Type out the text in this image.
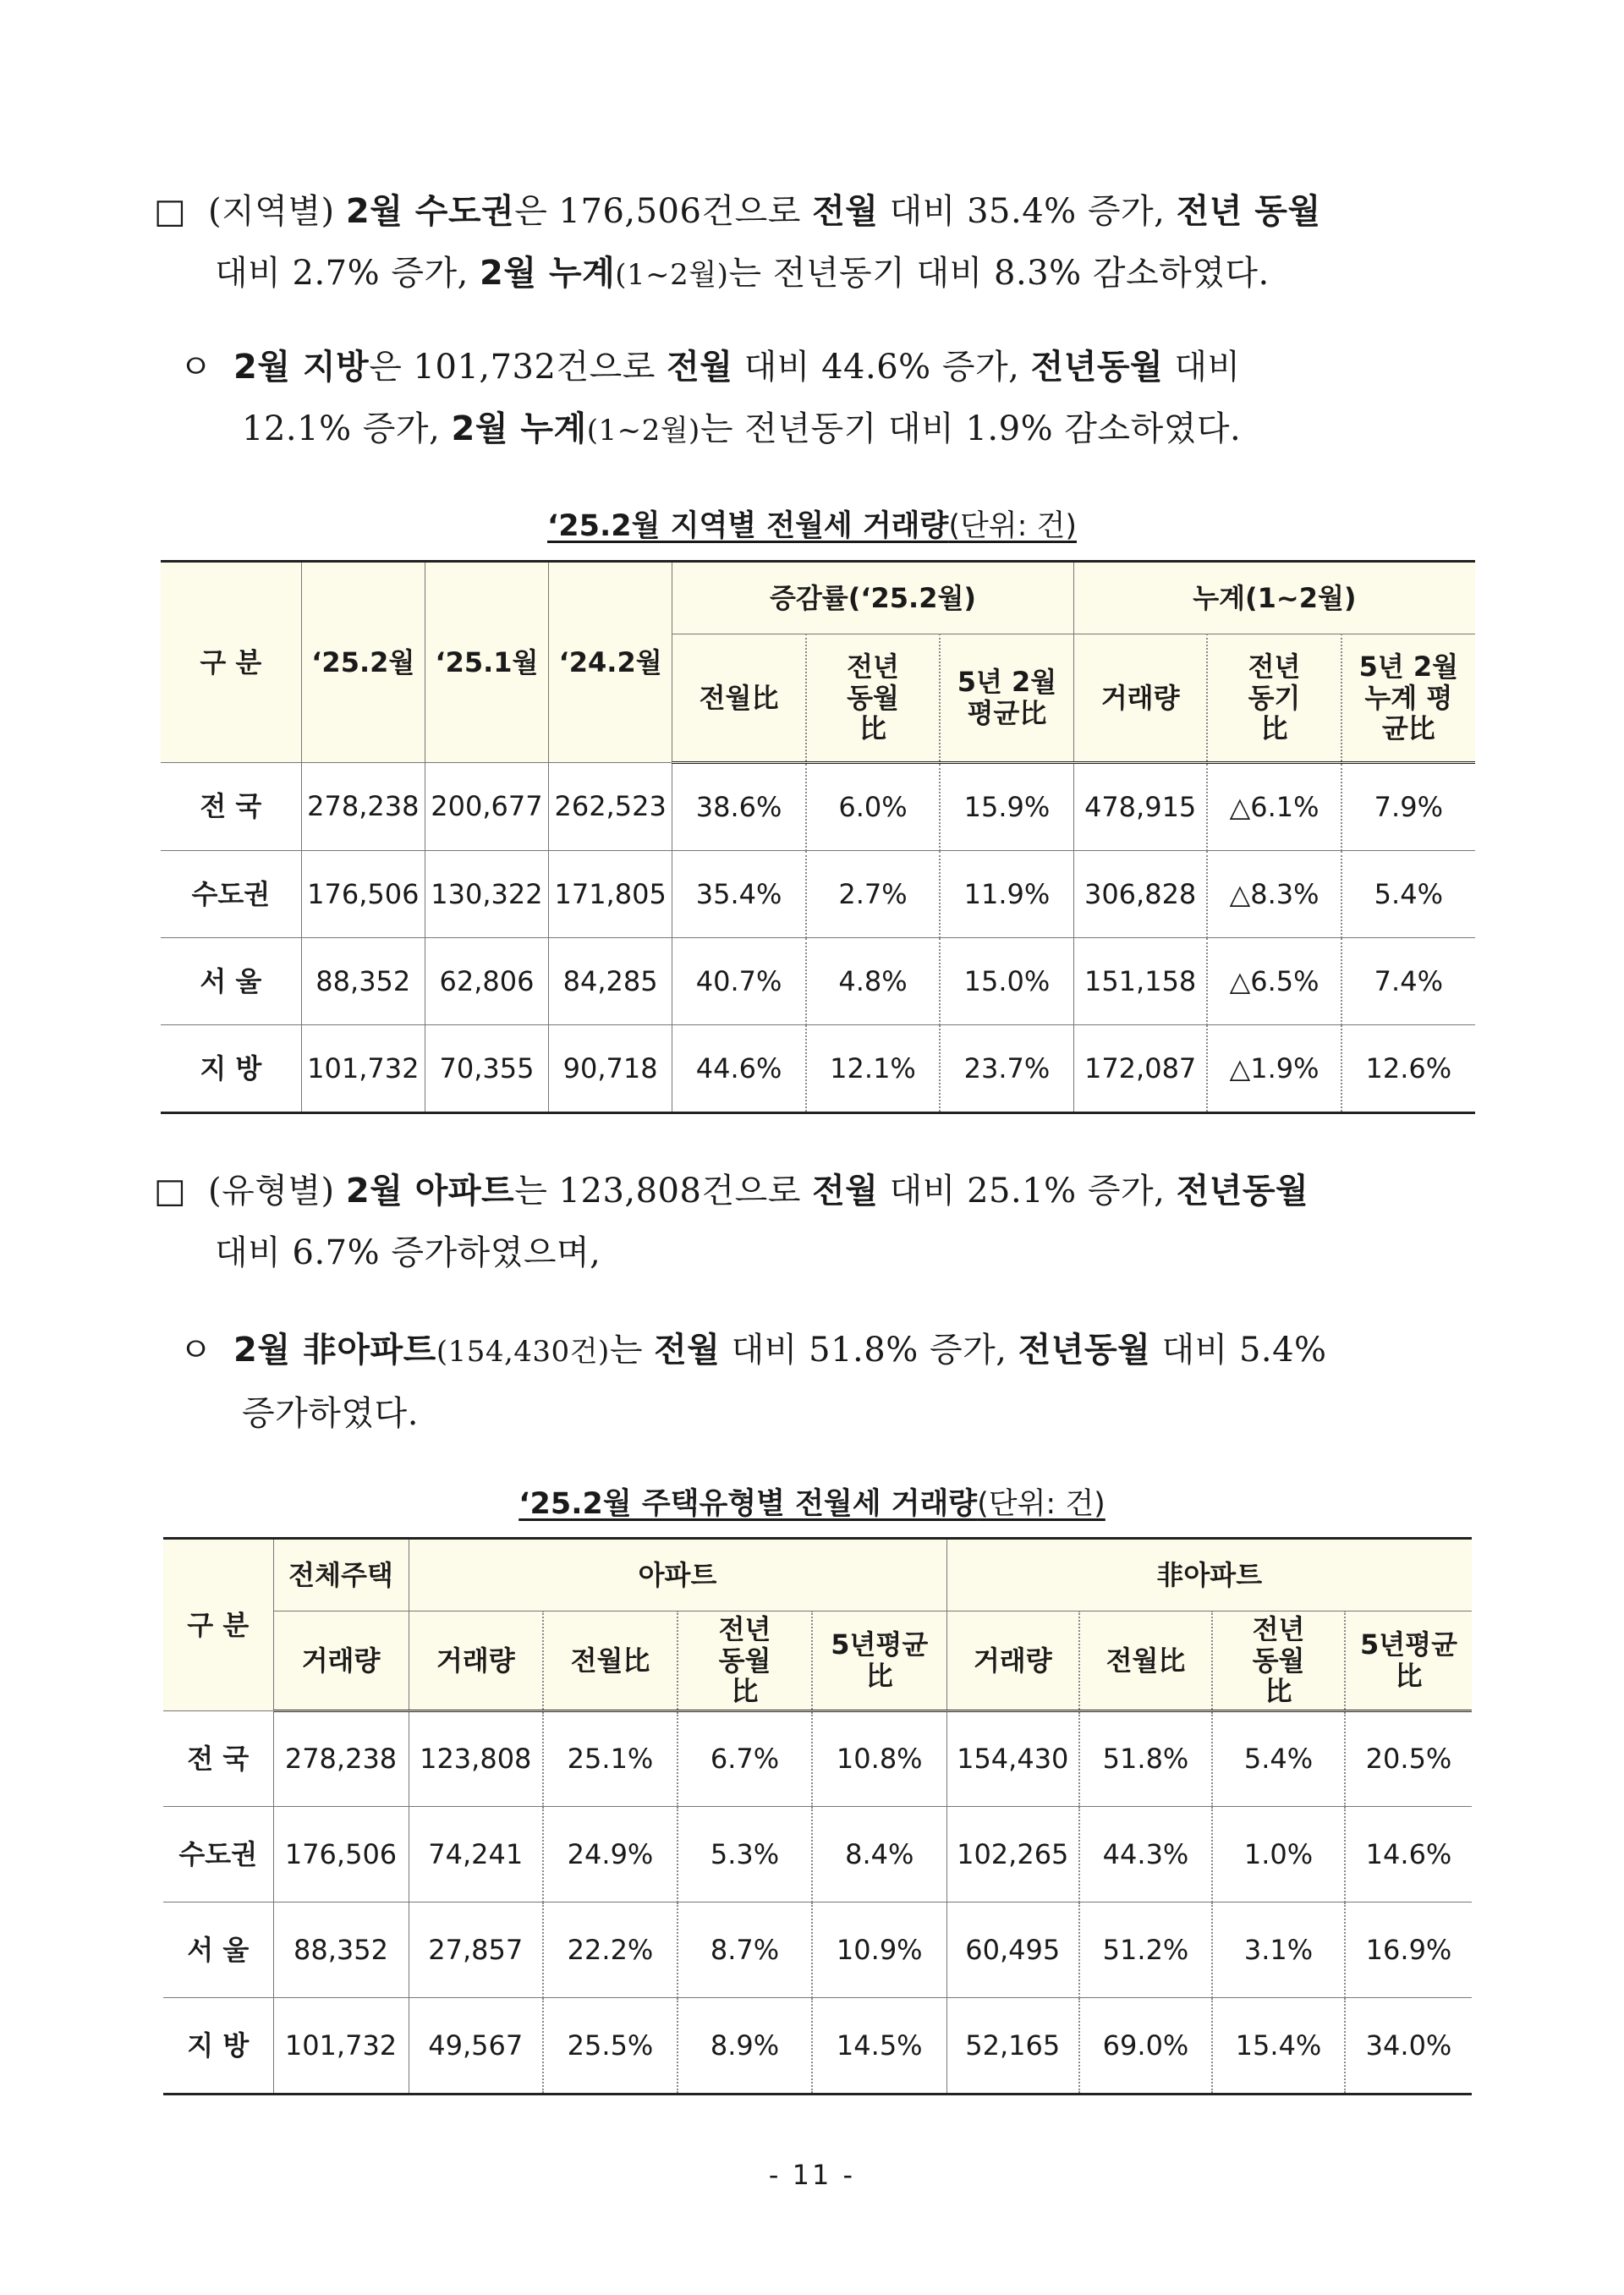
□ (지역별) 2월 수도권은 176,506건으로 전월 대비 35.4% 증가, 전년 동월
대비 2.7% 증가, 2월 누계(1~2월)는 전년동기 대비 8.3% 감소하였다.
ㅇ 2월 지방은 101,732건으로 전월 대비 44.6% 증가, 전년동월 대비
12.1% 증가, 2월 누계(1~2월)는 전년동기 대비 1.9% 감소하였다.
‘25.2월 지역별 전월세 거래량(단위: 건)
구 분	‘25.2월	‘25.1월	‘24.2월	증감률(‘25.2월)			누계(1~2월)		
				전월比	전년 동월比	5년 2월 평균比	거래량	전년 동기比	5년 2월누계 평균比
전 국	278,238	200,677	262,523	38.6%	6.0%	15.9%	478,915	△6.1%	7.9%
수도권	176,506	130,322	171,805	35.4%	2.7%	11.9%	306,828	△8.3%	5.4%
서 울	88,352	62,806	84,285	40.7%	4.8%	15.0%	151,158	△6.5%	7.4%
지 방	101,732	70,355	90,718	44.6%	12.1%	23.7%	172,087	△1.9%	12.6%
□ (유형별) 2월 아파트는 123,808건으로 전월 대비 25.1% 증가, 전년동월
대비 6.7% 증가하였으며,
ㅇ 2월 非아파트(154,430건)는 전월 대비 51.8% 증가, 전년동월 대비 5.4%
증가하였다.
‘25.2월 주택유형별 전월세 거래량(단위: 건)
구 분	전체주택	아파트				非아파트			
	거래량	거래량	전월比	전년 동월比	5년평균 比	거래량	전월比	전년 동월比	5년평균 比
전 국	278,238	123,808	25.1%	6.7%	10.8%	154,430	51.8%	5.4%	20.5%
수도권	176,506	74,241	24.9%	5.3%	8.4%	102,265	44.3%	1.0%	14.6%
서 울	88,352	27,857	22.2%	8.7%	10.9%	60,495	51.2%	3.1%	16.9%
지 방	101,732	49,567	25.5%	8.9%	14.5%	52,165	69.0%	15.4%	34.0%
- 11 -
